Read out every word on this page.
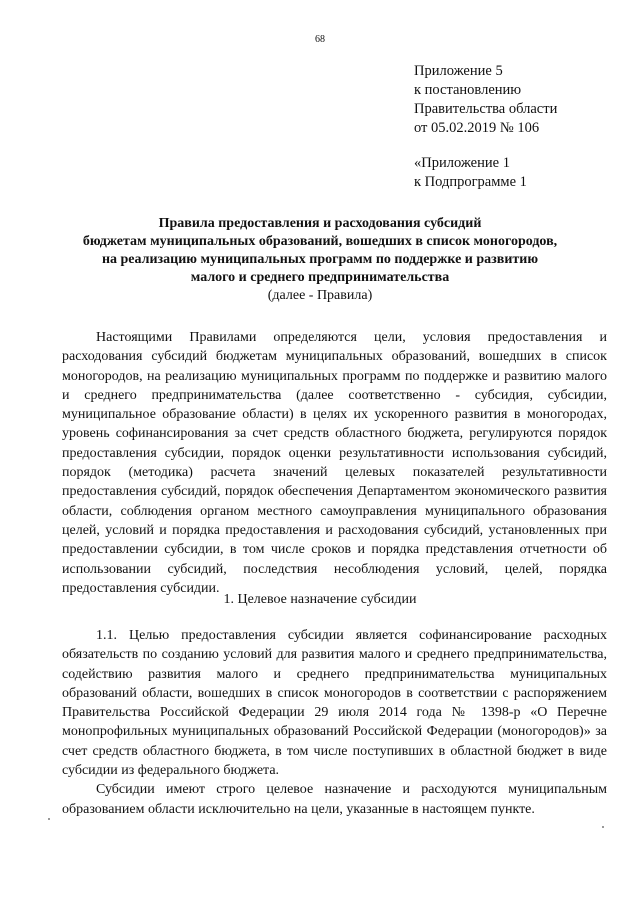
68
Приложение 5
к постановлению
Правительства области
от 05.02.2019 № 106
«Приложение 1
к Подпрограмме 1
Правила предоставления и расходования субсидий
бюджетам муниципальных образований, вошедших в список моногородов,
на реализацию муниципальных программ по поддержке и развитию
малого и среднего предпринимательства
(далее - Правила)

Настоящими Правилами определяются цели, условия предоставления и расходования субсидий бюджетам муниципальных образований, вошедших в список моногородов, на реализацию муниципальных программ по поддержке и развитию малого и среднего предпринимательства (далее соответственно - субсидия, субсидии, муниципальное образование области) в целях их ускоренного развития в моногородах, уровень софинансирования за счет средств областного бюджета, регулируются порядок предоставления субсидии, порядок оценки результативности использования субсидий, порядок (методика) расчета значений целевых показателей результативности предоставления субсидий, порядок обеспечения Департаментом экономического развития области, соблюдения органом местного самоуправления муниципального образования целей, условий и порядка предоставления и расходования субсидий, установленных при предоставлении субсидии, в том числе сроков и порядка представления отчетности об использовании субсидий, последствия несоблюдения условий, целей, порядка предоставления субсидии.

1. Целевое назначение субсидии

1.1. Целью предоставления субсидии является софинансирование расходных обязательств по созданию условий для развития малого и среднего предпринимательства, содействию развития малого и среднего предпринимательства муниципальных образований области, вошедших в список моногородов в соответствии с распоряжением Правительства Российской Федерации 29 июля 2014 года № 1398-р «О Перечне монопрофильных муниципальных образований Российской Федерации (моногородов)» за счет средств областного бюджета, в том числе поступивших в областной бюджет в виде субсидии из федерального бюджета.

Субсидии имеют строго целевое назначение и расходуются муниципальным образованием области исключительно на цели, указанные в настоящем пункте.
